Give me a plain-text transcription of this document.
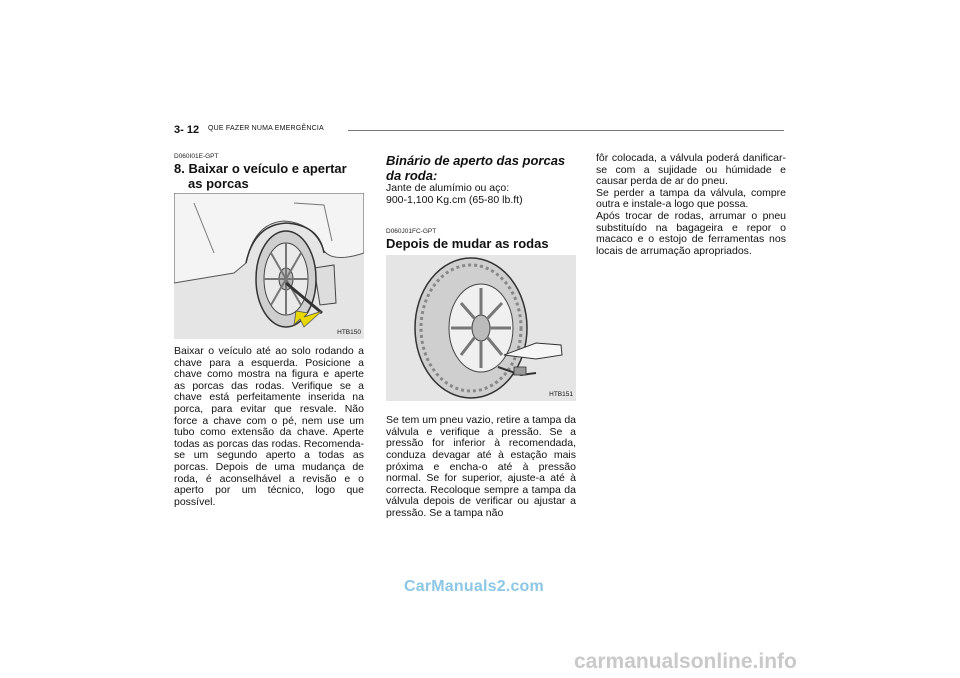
3- 12 QUE FAZER NUMA EMERGÊNCIA

D060I01E-GPT

8. Baixar o veículo e apertar as porcas

HTB150

Baixar o veículo até ao solo rodando a chave para a esquerda. Posicione a chave como mostra na figura e aperte as porcas das rodas. Verifique se a chave está perfeitamente inserida na porca, para evitar que resvale. Não force a chave com o pé, nem use um tubo como extensão da chave. Aperte todas as porcas das rodas. Recomenda-se um segundo aperto a todas as porcas. Depois de uma mudança de roda, é aconselhável a revisão e o aperto por um técnico, logo que possível.

Binário de aperto das porcas da roda:

Jante de alumímio ou aço:

900-1,100 Kg.cm (65-80 lb.ft)

D060J01FC-GPT

Depois de mudar as rodas

HTB151

Se tem um pneu vazio, retire a tampa da válvula e verifique a pressão. Se a pressão for inferior à recomendada, conduza devagar até à estação mais próxima e encha-o até à pressão normal. Se for superior, ajuste-a até à correcta. Recoloque sempre a tampa da válvula depois de verificar ou ajustar a pressão. Se a tampa não

fôr colocada, a válvula poderá danificar-se com a sujidade ou húmidade e causar perda de ar do pneu.

Se perder a tampa da válvula, compre outra e instale-a logo que possa.

Após trocar de rodas, arrumar o pneu substituído na bagageira e repor o macaco e o estojo de ferramentas nos locais de arrumação apropriados.

CarManuals2.com
carmanualsonline.info
